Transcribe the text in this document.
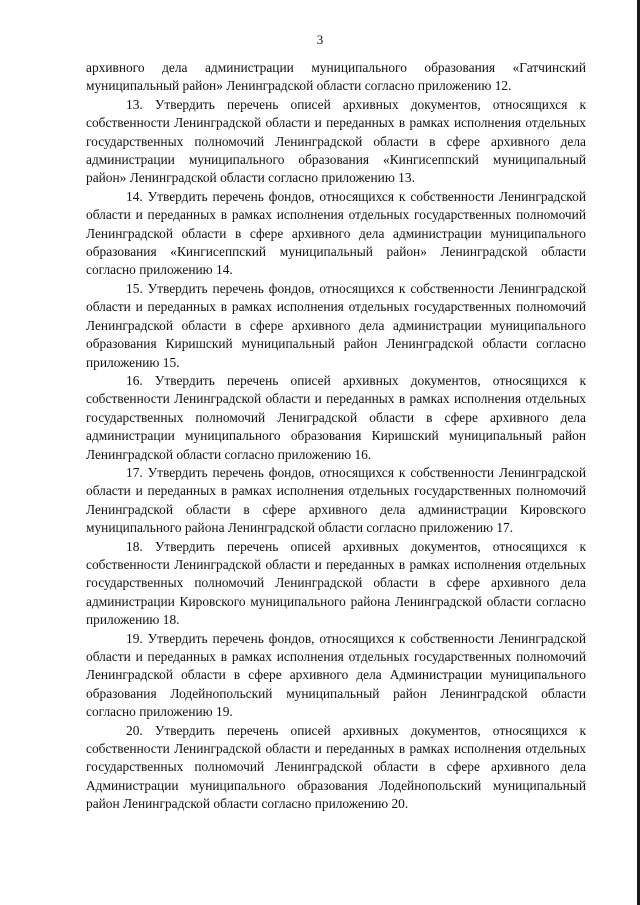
3

архивного дела администрации муниципального образования «Гатчинский муниципальный район» Ленинградской области согласно приложению 12.

13. Утвердить перечень описей архивных документов, относящихся к собственности Ленинградской области и переданных в рамках исполнения отдельных государственных полномочий Ленинградской области в сфере архивного дела администрации муниципального образования «Кингисеппский муниципальный район» Ленинградской области согласно приложению 13.

14. Утвердить перечень фондов, относящихся к собственности Ленинградской области и переданных в рамках исполнения отдельных государственных полномочий Ленинградской области в сфере архивного дела администрации муниципального образования «Кингисеппский муниципальный район» Ленинградской области согласно приложению 14.

15. Утвердить перечень фондов, относящихся к собственности Ленинградской области и переданных в рамках исполнения отдельных государственных полномочий Ленинградской области в сфере архивного дела администрации муниципального образования Киришский муниципальный район Ленинградской области согласно приложению 15.

16. Утвердить перечень описей архивных документов, относящихся к собственности Ленинградской области и переданных в рамках исполнения отдельных государственных полномочий Ленигрaдской области в сфере архивного дела администрации муниципального образования Киришский муниципальный район Ленинградской области согласно приложению 16.

17. Утвердить перечень фондов, относящихся к собственности Ленинградской области и переданных в рамках исполнения отдельных государственных полномочий Ленинградской области в сфере архивного дела администрации Кировского муниципального района Ленинградской области согласно приложению 17.

18. Утвердить перечень описей архивных документов, относящихся к собственности Ленинградской области и переданных в рамках исполнения отдельных государственных полномочий Ленинградской области в сфере архивного дела администрации Кировского муниципального района Ленинградской области согласно приложению 18.

19. Утвердить перечень фондов, относящихся к собственности Ленинградской области и переданных в рамках исполнения отдельных государственных полномочий Ленинградской области в сфере архивного дела Администрации муниципального образования Лодейнопольский муниципальный район Ленинградской области согласно приложению 19.

20. Утвердить перечень описей архивных документов, относящихся к собственности Ленинградской области и переданных в рамках исполнения отдельных государственных полномочий Ленинградской области в сфере архивного дела Администрации муниципального образования Лодейнопольский муниципальный район Ленинградской области согласно приложению 20.
